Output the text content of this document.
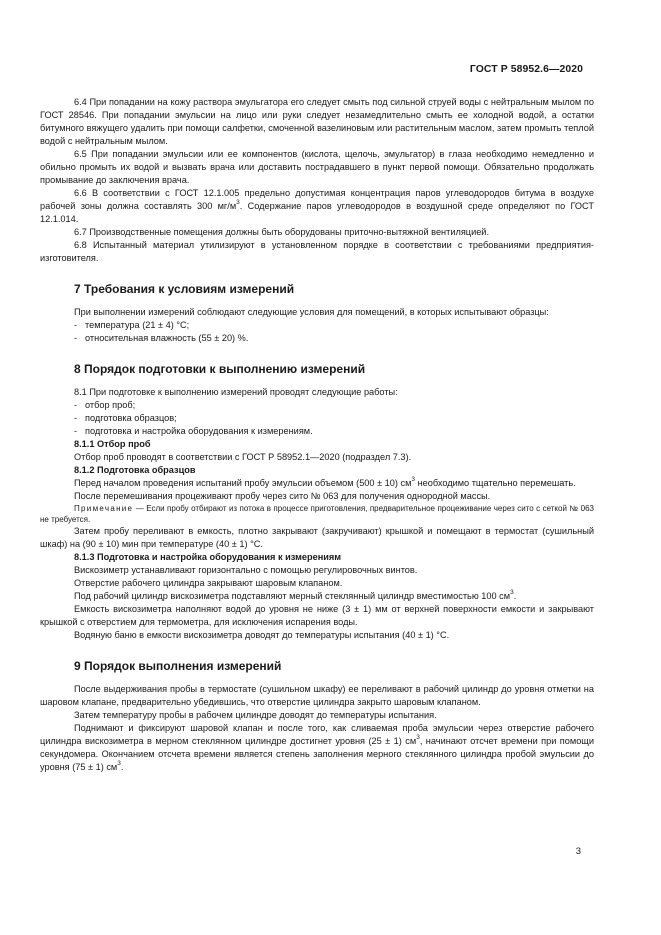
ГОСТ Р 58952.6—2020

6.4 При попадании на кожу раствора эмульгатора его следует смыть под сильной струей воды с нейтральным мылом по ГОСТ 28546. При попадании эмульсии на лицо или руки следует незамедлительно смыть ее холодной водой, а остатки битумного вяжущего удалить при помощи салфетки, смоченной вазелиновым или растительным маслом, затем промыть теплой водой с нейтральным мылом.

6.5 При попадании эмульсии или ее компонентов (кислота, щелочь, эмульгатор) в глаза необходимо немедленно и обильно промыть их водой и вызвать врача или доставить пострадавшего в пункт первой помощи. Обязательно продолжать промывание до заключения врача.

6.6 В соответствии с ГОСТ 12.1.005 предельно допустимая концентрация паров углеводородов битума в воздухе рабочей зоны должна составлять 300 $мг/м^3$. Содержание паров углеводородов в воздушной среде определяют по ГОСТ 12.1.014.

6.7 Производственные помещения должны быть оборудованы приточно-вытяжной вентиляцией.

6.8 Испытанный материал утилизируют в установленном порядке в соответствии с требованиями предприятия-изготовителя.

7 Требования к условиям измерений

При выполнении измерений соблюдают следующие условия для помещений, в которых испытывают образцы:

- температура (21 ± 4) °С;

- относительная влажность (55 ± 20) %.

8 Порядок подготовки к выполнению измерений

8.1 При подготовке к выполнению измерений проводят следующие работы:

- отбор проб;

- подготовка образцов;

- подготовка и настройка оборудования к измерениям.

8.1.1 Отбор проб

Отбор проб проводят в соответствии с ГОСТ Р 58952.1—2020 (подраздел 7.3).

8.1.2 Подготовка образцов

Перед началом проведения испытаний пробу эмульсии объемом (500 ± 10) $см^3$ необходимо тщательно перемешать.

После перемешивания процеживают пробу через сито № 063 для получения однородной массы.

Примечание — Если пробу отбирают из потока в процессе приготовления, предварительное процеживание через сито с сеткой № 063 не требуется.

Затем пробу переливают в емкость, плотно закрывают (закручивают) крышкой и помещают в термостат (сушильный шкаф) на (90 ± 10) мин при температуре (40 ± 1) °С.

8.1.3 Подготовка и настройка оборудования к измерениям

Вискозиметр устанавливают горизонтально с помощью регулировочных винтов.

Отверстие рабочего цилиндра закрывают шаровым клапаном.

Под рабочий цилиндр вискозиметра подставляют мерный стеклянный цилиндр вместимостью 100 $см^3$.

Емкость вискозиметра наполняют водой до уровня не ниже (3 ± 1) мм от верхней поверхности емкости и закрывают крышкой с отверстием для термометра, для исключения испарения воды.

Водяную баню в емкости вискозиметра доводят до температуры испытания (40 ± 1) °С.

9 Порядок выполнения измерений

После выдерживания пробы в термостате (сушильном шкафу) ее переливают в рабочий цилиндр до уровня отметки на шаровом клапане, предварительно убедившись, что отверстие цилиндра закрыто шаровым клапаном.

Затем температуру пробы в рабочем цилиндре доводят до температуры испытания.

Поднимают и фиксируют шаровой клапан и после того, как сливаемая проба эмульсии через отверстие рабочего цилиндра вискозиметра в мерном стеклянном цилиндре достигнет уровня (25 ± 1) $см^3$, начинают отсчет времени при помощи секундомера. Окончанием отсчета времени является степень заполнения мерного стеклянного цилиндра пробой эмульсии до уровня (75 ± 1) $см^3$.

3
